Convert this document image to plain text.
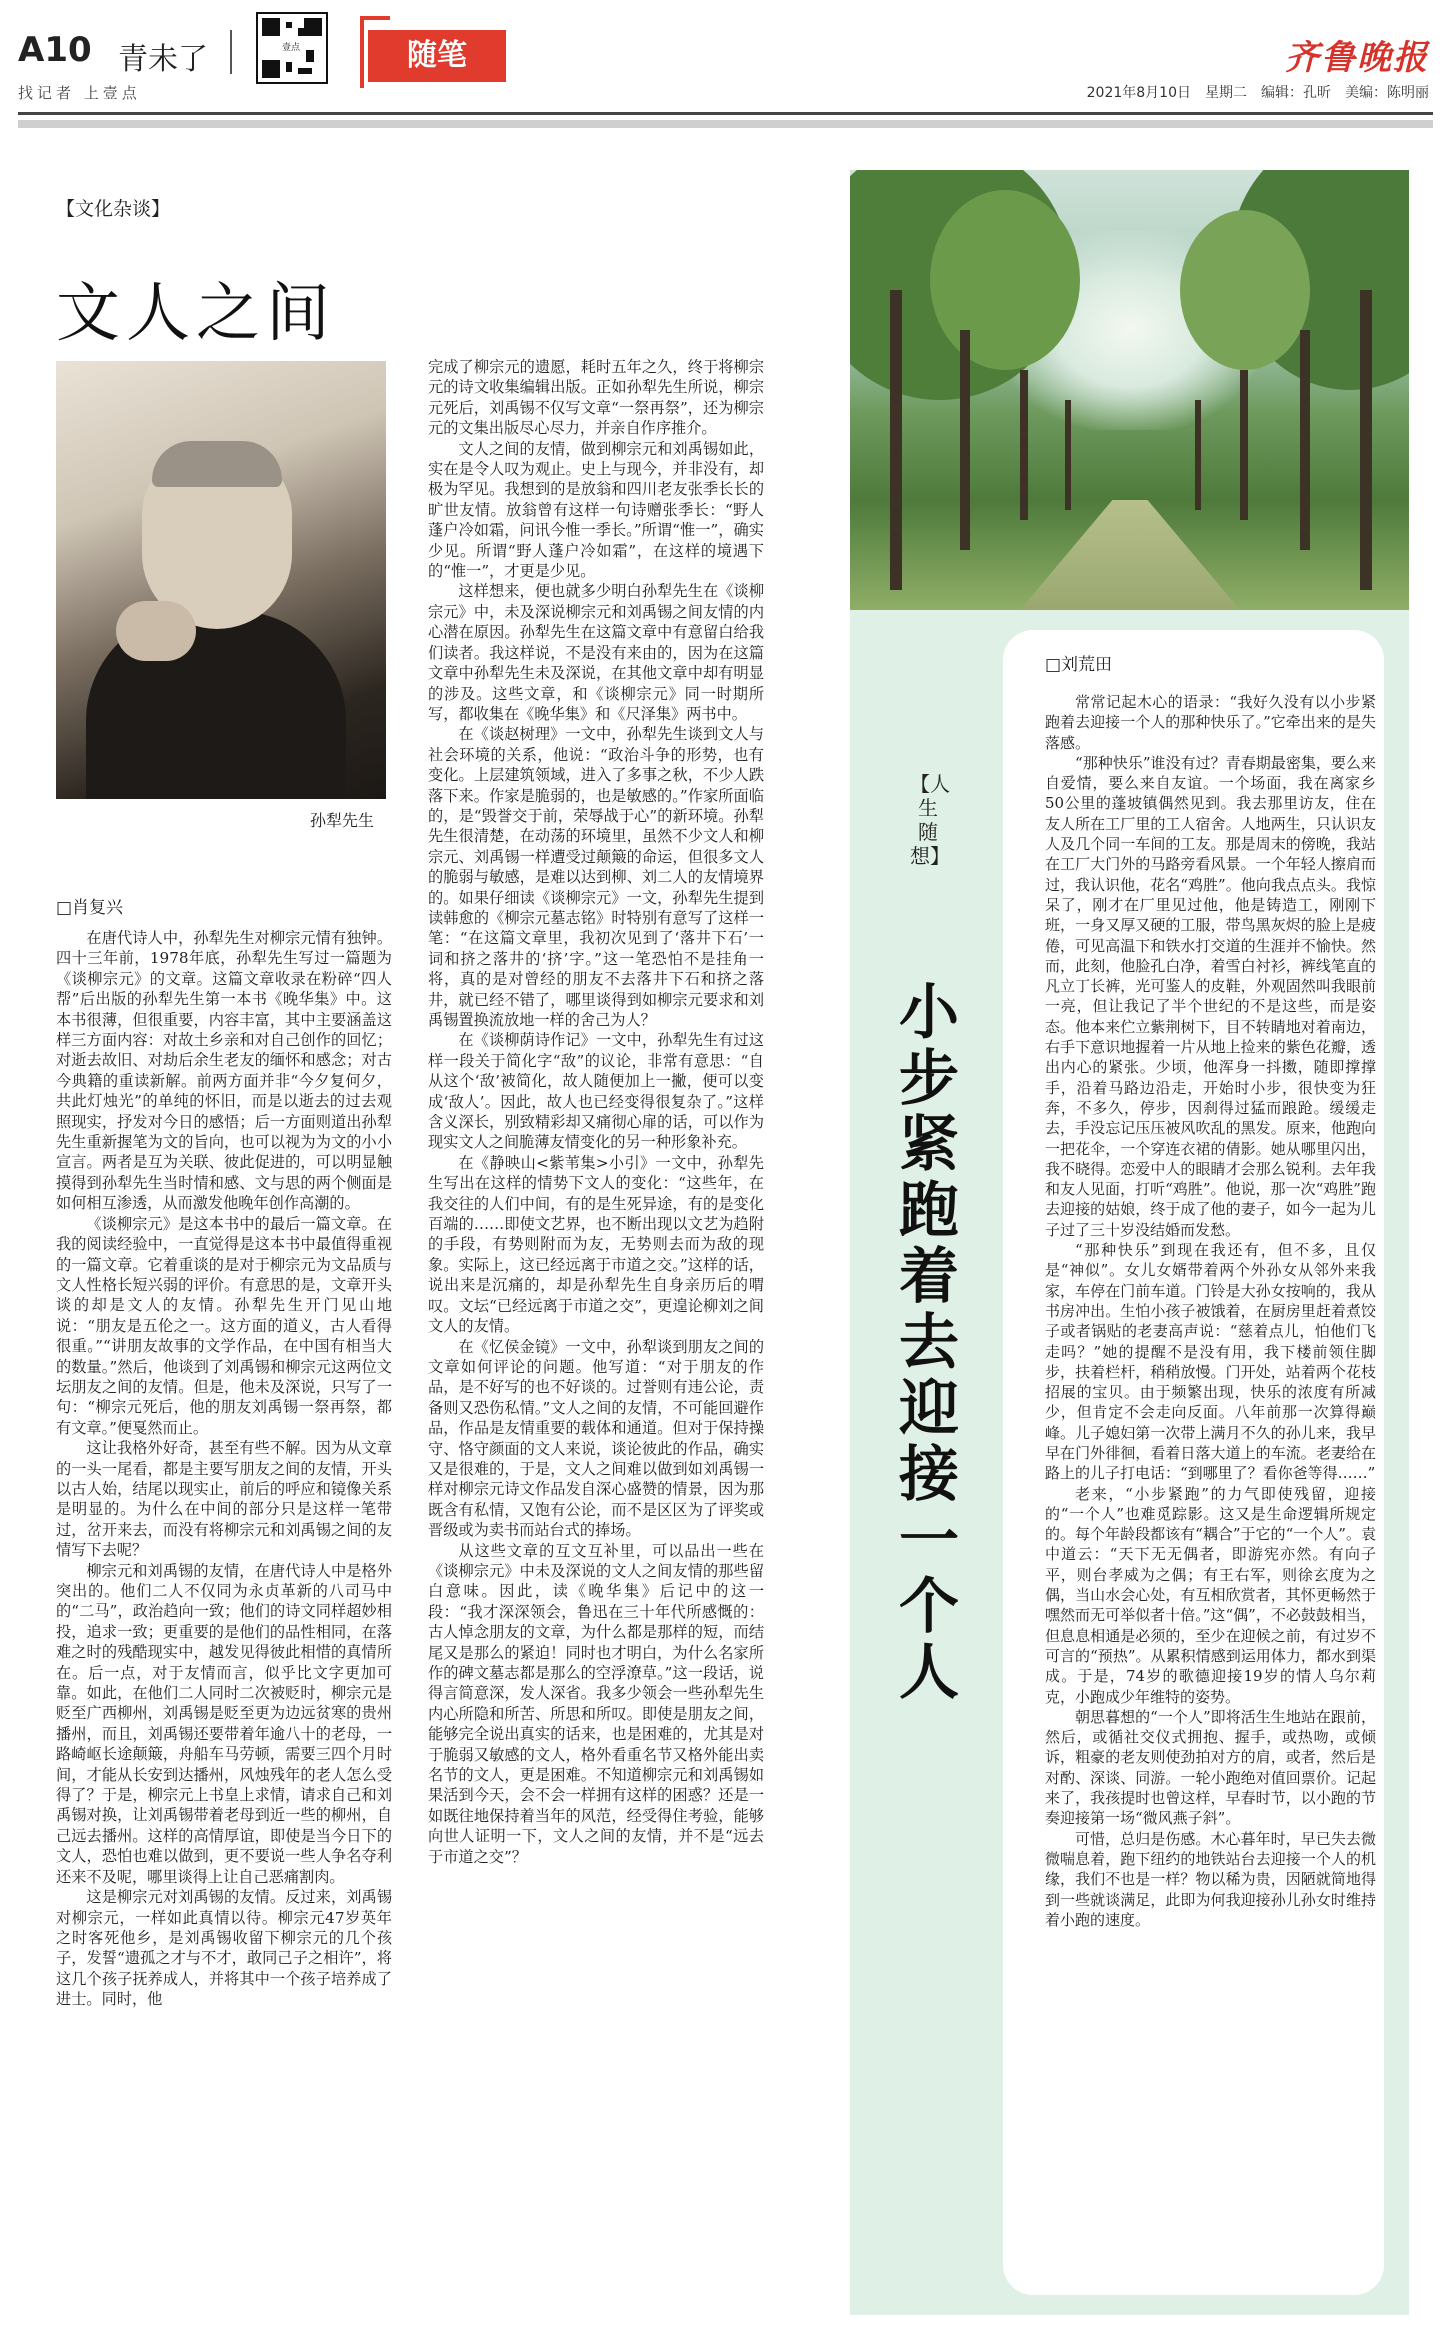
A10 青未了
找记者 上壹点
壹点	随笔	齐鲁晚报
2021年8月10日　星期二　编辑：孔昕　美编：陈明丽
【文化杂谈】
文人之间
孙犁先生
□肖复兴

在唐代诗人中，孙犁先生对柳宗元情有独钟。四十三年前，1978年底，孙犁先生写过一篇题为《谈柳宗元》的文章。这篇文章收录在粉碎“四人帮”后出版的孙犁先生第一本书《晚华集》中。这本书很薄，但很重要，内容丰富，其中主要涵盖这样三方面内容：对故土乡亲和对自己创作的回忆；对逝去故旧、对劫后余生老友的缅怀和感念；对古今典籍的重读新解。前两方面并非“今夕复何夕，共此灯烛光”的单纯的怀旧，而是以逝去的过去观照现实，抒发对今日的感悟；后一方面则道出孙犁先生重新握笔为文的旨向，也可以视为为文的小小宣言。两者是互为关联、彼此促进的，可以明显触摸得到孙犁先生当时情和感、文与思的两个侧面是如何相互渗透，从而激发他晚年创作高潮的。

《谈柳宗元》是这本书中的最后一篇文章。在我的阅读经验中，一直觉得是这本书中最值得重视的一篇文章。它着重谈的是对于柳宗元为文品质与文人性格长短兴弱的评价。有意思的是，文章开头谈的却是文人的友情。孙犁先生开门见山地说：“朋友是五伦之一。这方面的道义，古人看得很重。”“讲朋友故事的文学作品，在中国有相当大的数量。”然后，他谈到了刘禹锡和柳宗元这两位文坛朋友之间的友情。但是，他未及深说，只写了一句：“柳宗元死后，他的朋友刘禹锡一祭再祭，都有文章。”便戛然而止。

这让我格外好奇，甚至有些不解。因为从文章的一头一尾看，都是主要写朋友之间的友情，开头以古人始，结尾以现实止，前后的呼应和镜像关系是明显的。为什么在中间的部分只是这样一笔带过，岔开来去，而没有将柳宗元和刘禹锡之间的友情写下去呢？

柳宗元和刘禹锡的友情，在唐代诗人中是格外突出的。他们二人不仅同为永贞革新的八司马中的“二马”，政治趋向一致；他们的诗文同样超妙相投，追求一致；更重要的是他们的品性相同，在落难之时的残酷现实中，越发见得彼此相惜的真情所在。后一点，对于友情而言，似乎比文字更加可靠。如此，在他们二人同时二次被贬时，柳宗元是贬至广西柳州，刘禹锡是贬至更为边远贫寒的贵州播州，而且，刘禹锡还要带着年逾八十的老母，一路崎岖长途颠簸，舟船车马劳顿，需要三四个月时间，才能从长安到达播州，风烛残年的老人怎么受得了？于是，柳宗元上书皇上求情，请求自己和刘禹锡对换，让刘禹锡带着老母到近一些的柳州，自己远去播州。这样的高情厚谊，即使是当今日下的文人，恐怕也难以做到，更不要说一些人争名夺利还来不及呢，哪里谈得上让自己恶痛割肉。

这是柳宗元对刘禹锡的友情。反过来，刘禹锡对柳宗元，一样如此真情以待。柳宗元47岁英年之时客死他乡，是刘禹锡收留下柳宗元的几个孩子，发誓“遗孤之才与不才，敢同己子之相许”，将这几个孩子抚养成人，并将其中一个孩子培养成了进士。同时，他

完成了柳宗元的遗愿，耗时五年之久，终于将柳宗元的诗文收集编辑出版。正如孙犁先生所说，柳宗元死后，刘禹锡不仅写文章“一祭再祭”，还为柳宗元的文集出版尽心尽力，并亲自作序推介。

文人之间的友情，做到柳宗元和刘禹锡如此，实在是令人叹为观止。史上与现今，并非没有，却极为罕见。我想到的是放翁和四川老友张季长长的旷世友情。放翁曾有这样一句诗赠张季长：“野人蓬户冷如霜，问讯今惟一季长。”所谓“惟一”，确实少见。所谓“野人蓬户冷如霜”，在这样的境遇下的“惟一”，才更是少见。

这样想来，便也就多少明白孙犁先生在《谈柳宗元》中，未及深说柳宗元和刘禹锡之间友情的内心潜在原因。孙犁先生在这篇文章中有意留白给我们读者。我这样说，不是没有来由的，因为在这篇文章中孙犁先生未及深说，在其他文章中却有明显的涉及。这些文章，和《谈柳宗元》同一时期所写，都收集在《晚华集》和《尺泽集》两书中。

在《谈赵树理》一文中，孙犁先生谈到文人与社会环境的关系，他说：“政治斗争的形势，也有变化。上层建筑领域，进入了多事之秋，不少人跌落下来。作家是脆弱的，也是敏感的。”作家所面临的，是“毁誉交于前，荣辱战于心”的新环境。孙犁先生很清楚，在动荡的环境里，虽然不少文人和柳宗元、刘禹锡一样遭受过颠簸的命运，但很多文人的脆弱与敏感，是难以达到柳、刘二人的友情境界的。如果仔细读《谈柳宗元》一文，孙犁先生提到读韩愈的《柳宗元墓志铭》时特别有意写了这样一笔：“在这篇文章里，我初次见到了‘落井下石’一词和挤之落井的‘挤’字。”这一笔恐怕不是挂角一将，真的是对曾经的朋友不去落井下石和挤之落井，就已经不错了，哪里谈得到如柳宗元要求和刘禹锡置换流放地一样的舍己为人？

在《谈柳荫诗作记》一文中，孙犁先生有过这样一段关于简化字“敌”的议论，非常有意思：“自从这个‘敌’被简化，故人随便加上一撇，便可以变成‘敌人’。因此，故人也已经变得很复杂了。”这样含义深长，别致精彩却又痛彻心扉的话，可以作为现实文人之间脆薄友情变化的另一种形象补充。

在《静映山<紫苇集>小引》一文中，孙犁先生写出在这样的情势下文人的变化：“这些年，在我交往的人们中间，有的是生死异途，有的是变化百端的……即使文艺界，也不断出现以文艺为趋附的手段，有势则附而为友，无势则去而为敌的现象。实际上，这已经远离于市道之交。”这样的话，说出来是沉痛的，却是孙犁先生自身亲历后的喟叹。文坛“已经远离于市道之交”，更遑论柳刘之间文人的友情。

在《忆侯金镜》一文中，孙犁谈到朋友之间的文章如何评论的问题。他写道：“对于朋友的作品，是不好写的也不好谈的。过誉则有违公论，责备则又恐伤私情。”文人之间的友情，不可能回避作品，作品是友情重要的载体和通道。但对于保持操守、恪守颜面的文人来说，谈论彼此的作品，确实又是很难的，于是，文人之间难以做到如刘禹锡一样对柳宗元诗文作品发自深心盛赞的情景，因为那既含有私情，又饱有公论，而不是区区为了评奖或晋级或为卖书而站台式的捧场。

从这些文章的互文互补里，可以品出一些在《谈柳宗元》中未及深说的文人之间友情的那些留白意味。因此，读《晚华集》后记中的这一段：“我才深深领会，鲁迅在三十年代所感慨的：古人悼念朋友的文章，为什么都是那样的短，而结尾又是那么的紧迫！同时也才明白，为什么名家所作的碑文墓志都是那么的空浮潦草。”这一段话，说得言简意深，发人深省。我多少领会一些孙犁先生内心所隐和所苦、所思和所叹。即使是朋友之间，能够完全说出真实的话来，也是困难的，尤其是对于脆弱又敏感的文人，格外看重名节又格外能出卖名节的文人，更是困难。不知道柳宗元和刘禹锡如果活到今天，会不会一样拥有这样的困惑？还是一如既往地保持着当年的风范，经受得住考验，能够向世人证明一下，文人之间的友情，并不是“远去于市道之交”？

【人生随想】
小步紧跑着去迎接一个人
□刘荒田

常常记起木心的语录：“我好久没有以小步紧跑着去迎接一个人的那种快乐了。”它牵出来的是失落感。

“那种快乐”谁没有过？青春期最密集，要么来自爱情，要么来自友谊。一个场面，我在离家乡50公里的蓬坡镇偶然见到。我去那里访友，住在友人所在工厂里的工人宿舍。人地两生，只认识友人及几个同一车间的工友。那是周末的傍晚，我站在工厂大门外的马路旁看风景。一个年轻人擦肩而过，我认识他，花名“鸡胜”。他向我点点头。我惊呆了，刚才在厂里见过他，他是铸造工，刚刚下班，一身又厚又硬的工服，带鸟黑灰烬的脸上是疲倦，可见高温下和铁水打交道的生涯并不愉快。然而，此刻，他脸孔白净，着雪白衬衫，裤线笔直的凡立丁长裤，光可鉴人的皮鞋，外观固然叫我眼前一亮，但让我记了半个世纪的不是这些，而是姿态。他本来伫立紫荆树下，目不转睛地对着南边，右手下意识地握着一片从地上捡来的紫色花瓣，透出内心的紧张。少顷，他浑身一抖擞，随即撑撑手，沿着马路边沿走，开始时小步，很快变为狂奔，不多久，停步，因刹得过猛而踉跄。缓缓走去，手没忘记压压被风吹乱的黑发。原来，他跑向一把花伞，一个穿连衣裙的倩影。她从哪里闪出，我不晓得。恋爱中人的眼睛才会那么锐利。去年我和友人见面，打听“鸡胜”。他说，那一次“鸡胜”跑去迎接的姑娘，终于成了他的妻子，如今一起为儿子过了三十岁没结婚而发愁。

“那种快乐”到现在我还有，但不多，且仅是“神似”。女儿女婿带着两个外孙女从邻外来我家，车停在门前车道。门铃是大孙女按响的，我从书房冲出。生怕小孩子被饿着，在厨房里赶着煮饺子或者锅贴的老妻高声说：“慈着点儿，怕他们飞走吗？”她的提醒不是没有用，我下楼前领住脚步，扶着栏杆，稍稍放慢。门开处，站着两个花枝招展的宝贝。由于频繁出现，快乐的浓度有所减少，但肯定不会走向反面。八年前那一次算得巅峰。儿子媳妇第一次带上满月不久的孙儿来，我早早在门外徘徊，看着日落大道上的车流。老妻给在路上的儿子打电话：“到哪里了？看你爸等得……”

老来，“小步紧跑”的力气即使残留，迎接的“一个人”也难觅踪影。这又是生命逻辑所规定的。每个年龄段都该有“耦合”于它的“一个人”。袁中道云：“天下无无偶者，即游宪亦然。有向子平，则台孝威为之偶；有王右军，则徐玄度为之偶，当山水会心处，有互相欣赏者，其怀更畅然于嘿然而无可举似者十倍。”这“偶”，不必鼓鼓相当，但息息相通是必须的，至少在迎候之前，有过岁不可言的“预热”。从累积情感到运用体力，都水到渠成。于是，74岁的歌德迎接19岁的情人乌尔莉克，小跑成少年维特的姿势。

朝思暮想的“一个人”即将活生生地站在跟前，然后，或循社交仪式拥抱、握手，或热吻，或倾诉，粗豪的老友则使劲拍对方的肩，或者，然后是对酌、深谈、同游。一轮小跑绝对值回票价。记起来了，我孩提时也曾这样，早春时节，以小跑的节奏迎接第一场“微风燕子斜”。

可惜，总归是伤感。木心暮年时，早已失去微微喘息着，跑下纽约的地铁站台去迎接一个人的机缘，我们不也是一样？物以稀为贵，因陋就简地得到一些就谈满足，此即为何我迎接孙儿孙女时维持着小跑的速度。
